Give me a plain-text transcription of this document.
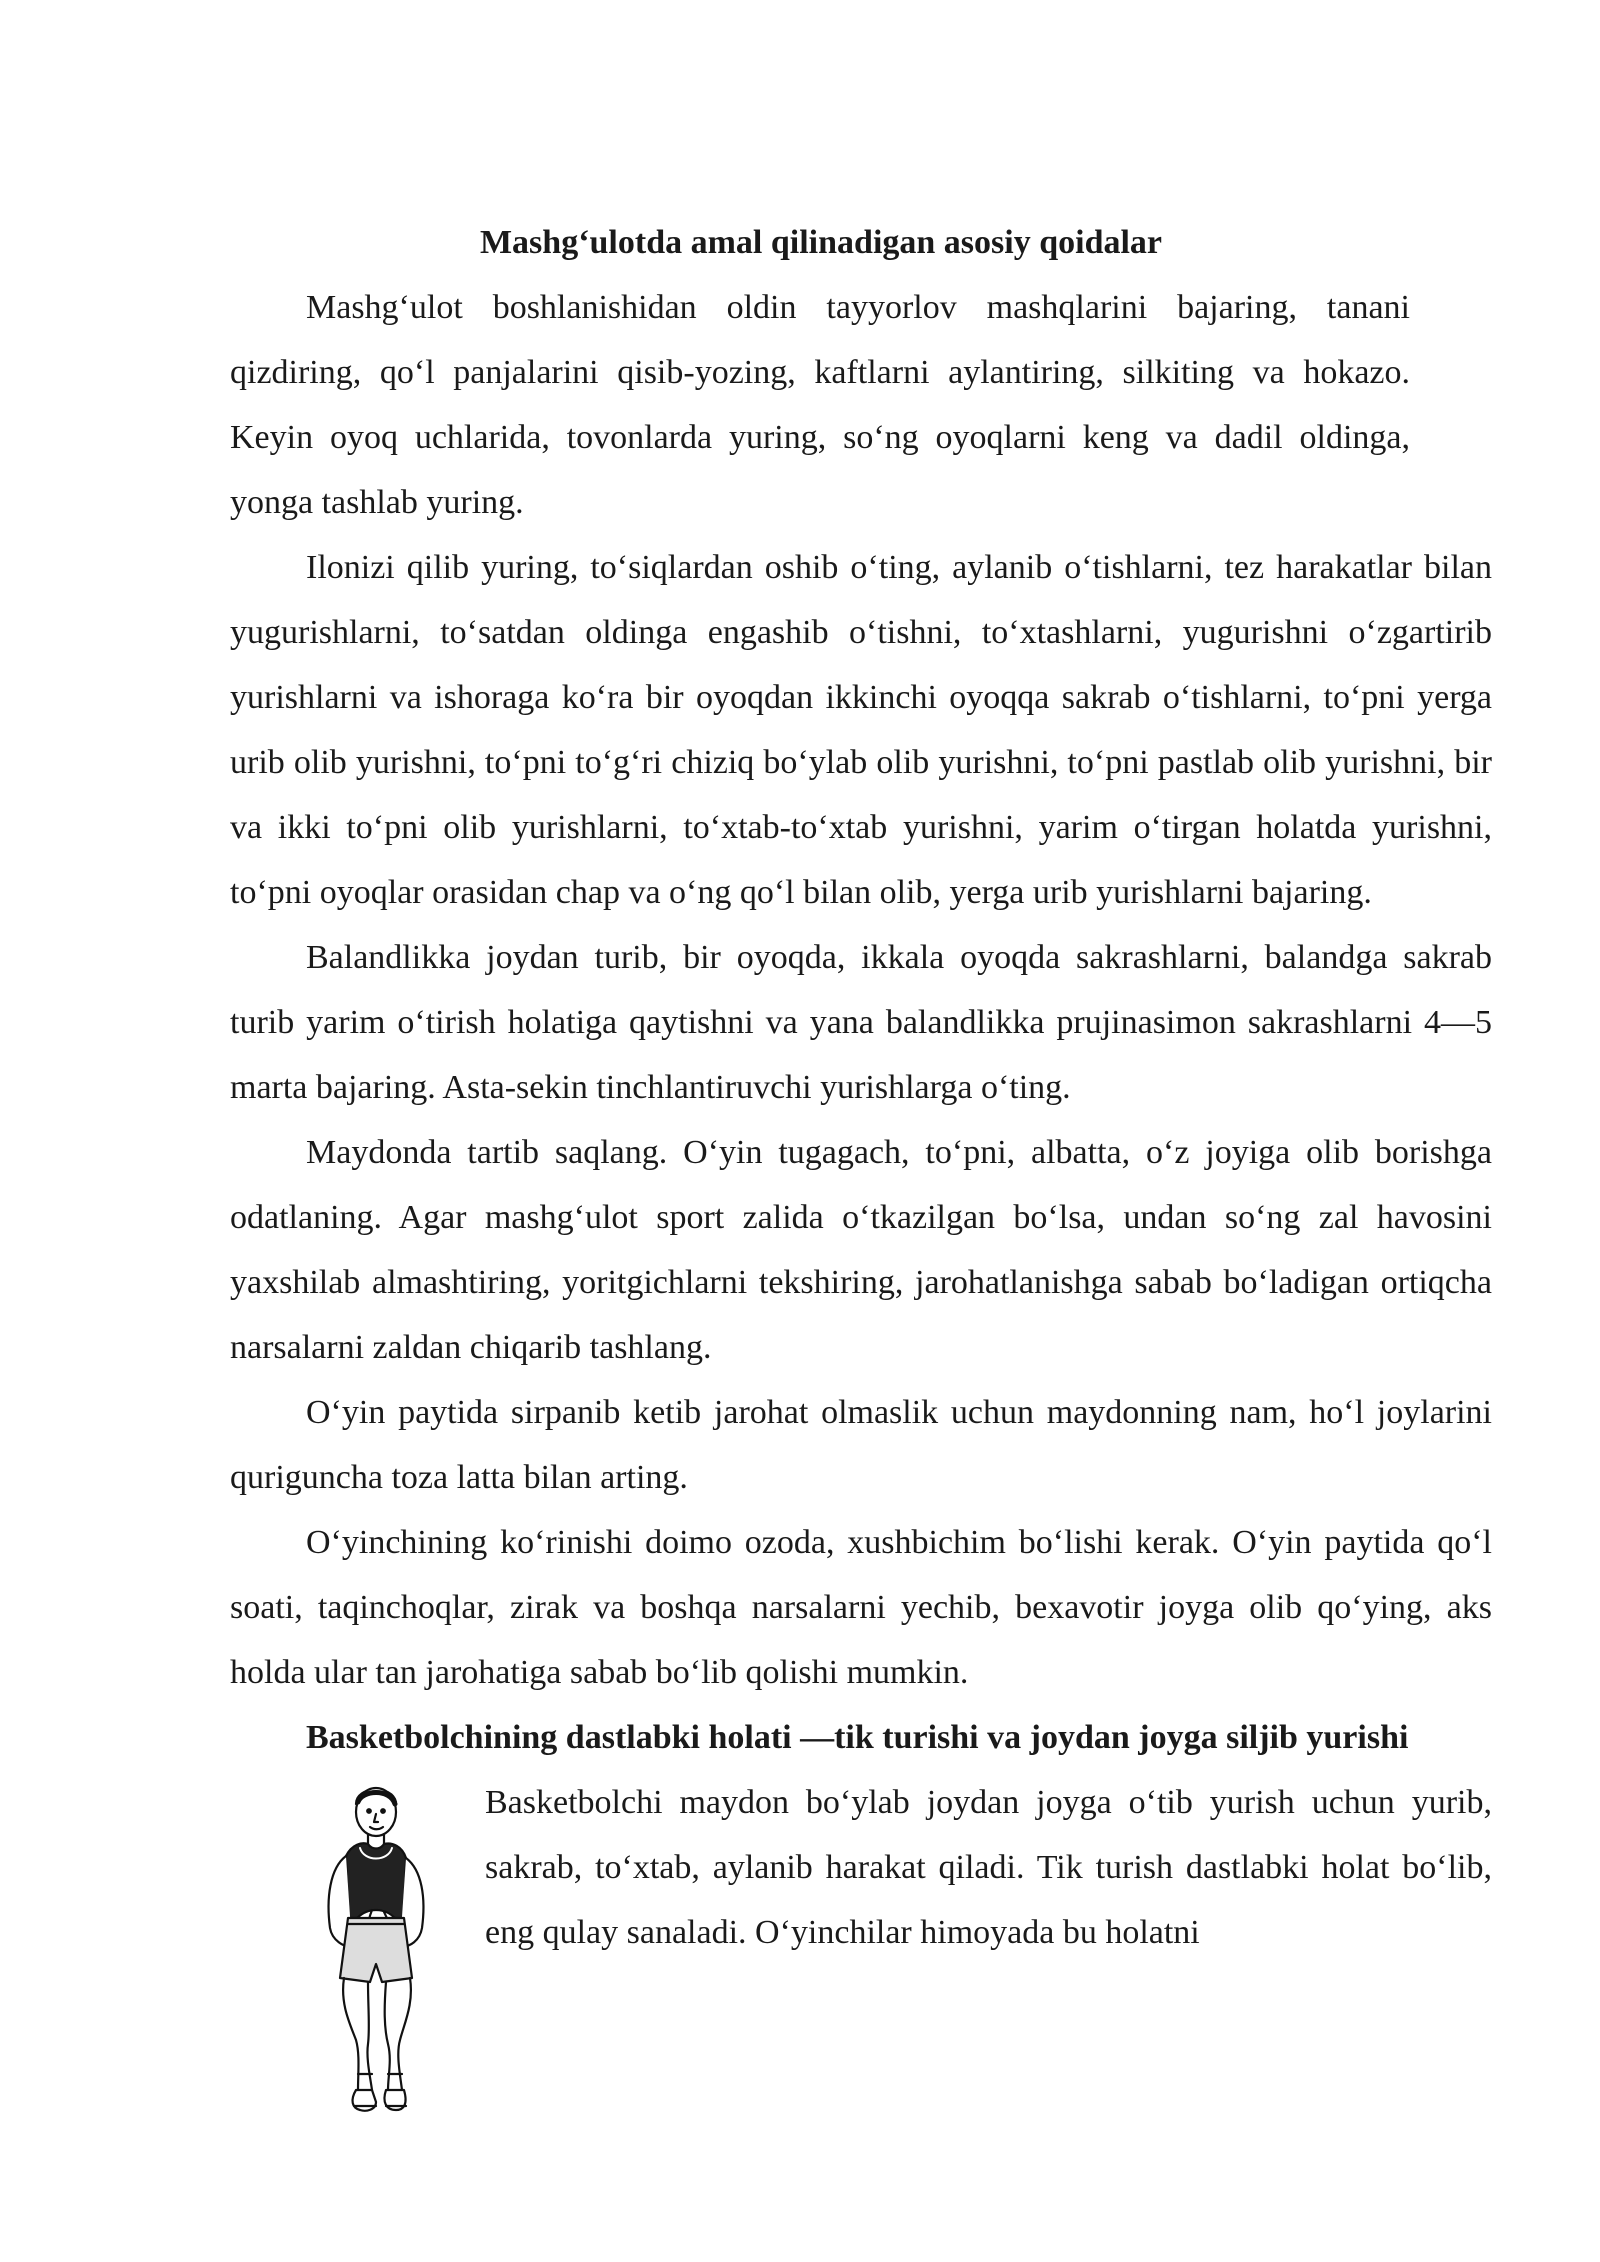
Mashg‘ulotda amal qilinadigan asosiy qoidalar

Mashg‘ulot boshlanishidan oldin tayyorlov mashqlarini bajaring, tanani qizdiring, qo‘l panjalarini qisib-yozing, kaftlarni aylantiring, silkiting va hokazo. Keyin oyoq uchlarida, tovonlarda yuring, so‘ng oyoqlarni keng va dadil oldinga, yonga tashlab yuring.

Ilonizi qilib yuring, to‘siqlardan oshib o‘ting, aylanib o‘tishlarni, tez harakatlar bilan yugurishlarni, to‘satdan oldinga engashib o‘tishni, to‘xtashlarni, yugurishni o‘zgartirib yurishlarni va ishoraga ko‘ra bir oyoqdan ikkinchi oyoqqa sakrab o‘tishlarni, to‘pni yerga urib olib yurishni, to‘pni to‘g‘ri chiziq bo‘ylab olib yurishni, to‘pni pastlab olib yurishni, bir va ikki to‘pni olib yurishlarni, to‘xtab-to‘xtab yurishni, yarim o‘tirgan holatda yurishni, to‘pni oyoqlar orasidan chap va o‘ng qo‘l bilan olib, yerga urib yurishlarni bajaring.

Balandlikka joydan turib, bir oyoqda, ikkala oyoqda sakrashlarni, balandga sakrab turib yarim o‘tirish holatiga qaytishni va yana balandlikka prujinasimon sakrashlarni 4—5 marta bajaring. Asta-sekin tinchlantiruvchi yurishlarga o‘ting.

Maydonda tartib saqlang. O‘yin tugagach, to‘pni, albatta, o‘z joyiga olib borishga odatlaning. Agar mashg‘ulot sport zalida o‘tkazilgan bo‘lsa, undan so‘ng zal havosini yaxshilab almashtiring, yoritgichlarni tekshiring, jarohatlanishga sabab bo‘ladigan ortiqcha narsalarni zaldan chiqarib tashlang.

O‘yin paytida sirpanib ketib jarohat olmaslik uchun maydonning nam, ho‘l joylarini quriguncha toza latta bilan arting.

O‘yinchining ko‘rinishi doimo ozoda, xushbichim bo‘lishi kerak. O‘yin paytida qo‘l soati, taqinchoqlar, zirak va boshqa narsalarni yechib, bexavotir joyga olib qo‘ying, aks holda ular tan jarohatiga sabab bo‘lib qolishi mumkin.

Basketbolchining dastlabki holati —tik turishi va joydan joyga siljib yurishi
Basketbolchi maydon bo‘ylab joydan joyga o‘tib yurish uchun yurib, sakrab, to‘xtab, aylanib harakat qiladi. Tik turish dastlabki holat bo‘lib, eng qulay sanaladi. O‘yinchilar himoyada bu holatni
